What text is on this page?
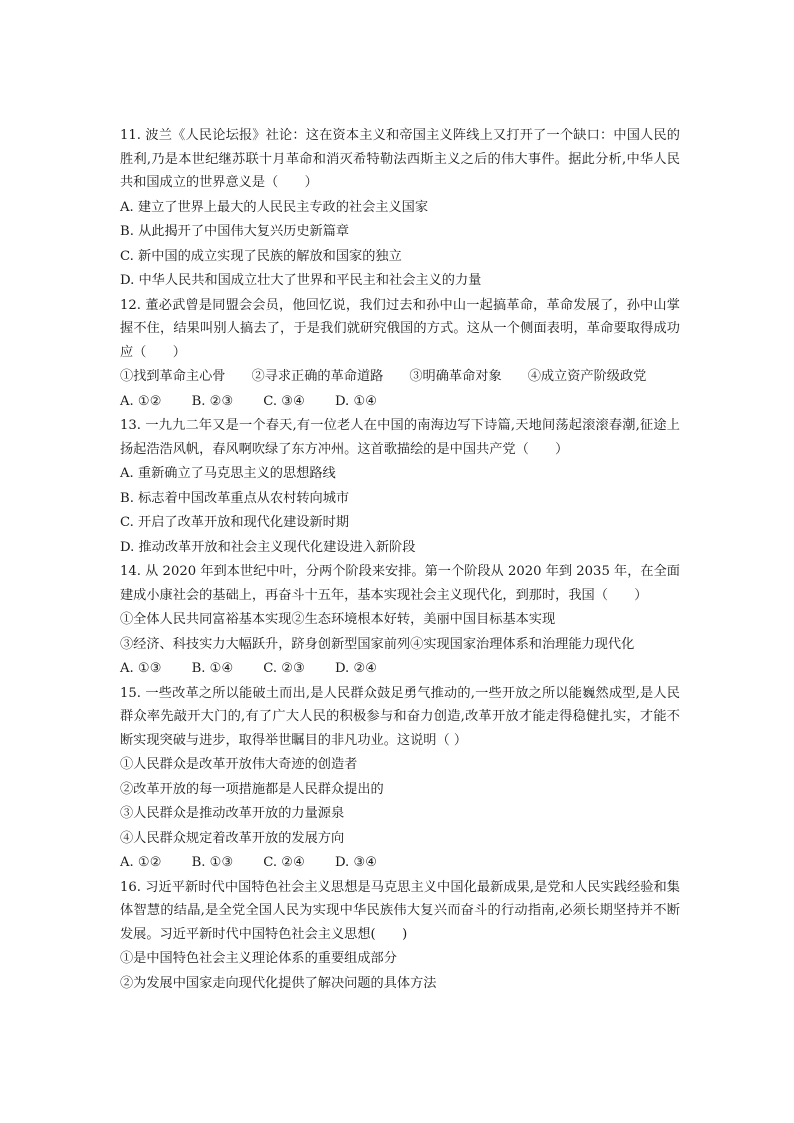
11. 波兰《人民论坛报》社论：这在资本主义和帝国主义阵线上又打开了一个缺口：中国人民的胜利,乃是本世纪继苏联十月革命和消灭希特勒法西斯主义之后的伟大事件。据此分析,中华人民共和国成立的世界意义是（　　）

A. 建立了世界上最大的人民民主专政的社会主义国家
B. 从此揭开了中国伟大复兴历史新篇章
C. 新中国的成立实现了民族的解放和国家的独立
D. 中华人民共和国成立壮大了世界和平民主和社会主义的力量

12. 董必武曾是同盟会会员，他回忆说，我们过去和孙中山一起搞革命，革命发展了，孙中山掌握不住，结果叫别人搞去了，于是我们就研究俄国的方式。这从一个侧面表明，革命要取得成功应（　　）

①找到革命主心骨 ②寻求正确的革命道路 ③明确革命对象 ④成立资产阶级政党
A. ①② B. ②③ C. ③④ D. ①④

13. 一九九二年又是一个春天,有一位老人在中国的南海边写下诗篇,天地间荡起滚滚春潮,征途上扬起浩浩风帆，春风啊吹绿了东方冲州。这首歌描绘的是中国共产党（　　）

A. 重新确立了马克思主义的思想路线
B. 标志着中国改革重点从农村转向城市
C. 开启了改革开放和现代化建设新时期
D. 推动改革开放和社会主义现代化建设进入新阶段

14. 从 2020 年到本世纪中叶，分两个阶段来安排。第一个阶段从 2020 年到 2035 年，在全面建成小康社会的基础上，再奋斗十五年，基本实现社会主义现代化，到那时，我国（　　）

①全体人民共同富裕基本实现②生态环境根本好转，美丽中国目标基本实现
③经济、科技实力大幅跃升，跻身创新型国家前列④实现国家治理体系和治理能力现代化
A. ①③ B. ①④ C. ②③ D. ②④

15. 一些改革之所以能破土而出,是人民群众鼓足勇气推动的,一些开放之所以能巍然成型,是人民群众率先敲开大门的,有了广大人民的积极参与和奋力创造,改革开放才能走得稳健扎实，才能不断实现突破与进步，取得举世瞩目的非凡功业。这说明（ ）

①人民群众是改革开放伟大奇迹的创造者
②改革开放的每一项措施都是人民群众提出的
③人民群众是推动改革开放的力量源泉
④人民群众规定着改革开放的发展方向
A. ①② B. ①③ C. ②④ D. ③④

16. 习近平新时代中国特色社会主义思想是马克思主义中国化最新成果,是党和人民实践经验和集体智慧的结晶,是全党全国人民为实现中华民族伟大复兴而奋斗的行动指南,必须长期坚持并不断发展。习近平新时代中国特色社会主义思想(　　)

①是中国特色社会主义理论体系的重要组成部分
②为发展中国家走向现代化提供了解决问题的具体方法
